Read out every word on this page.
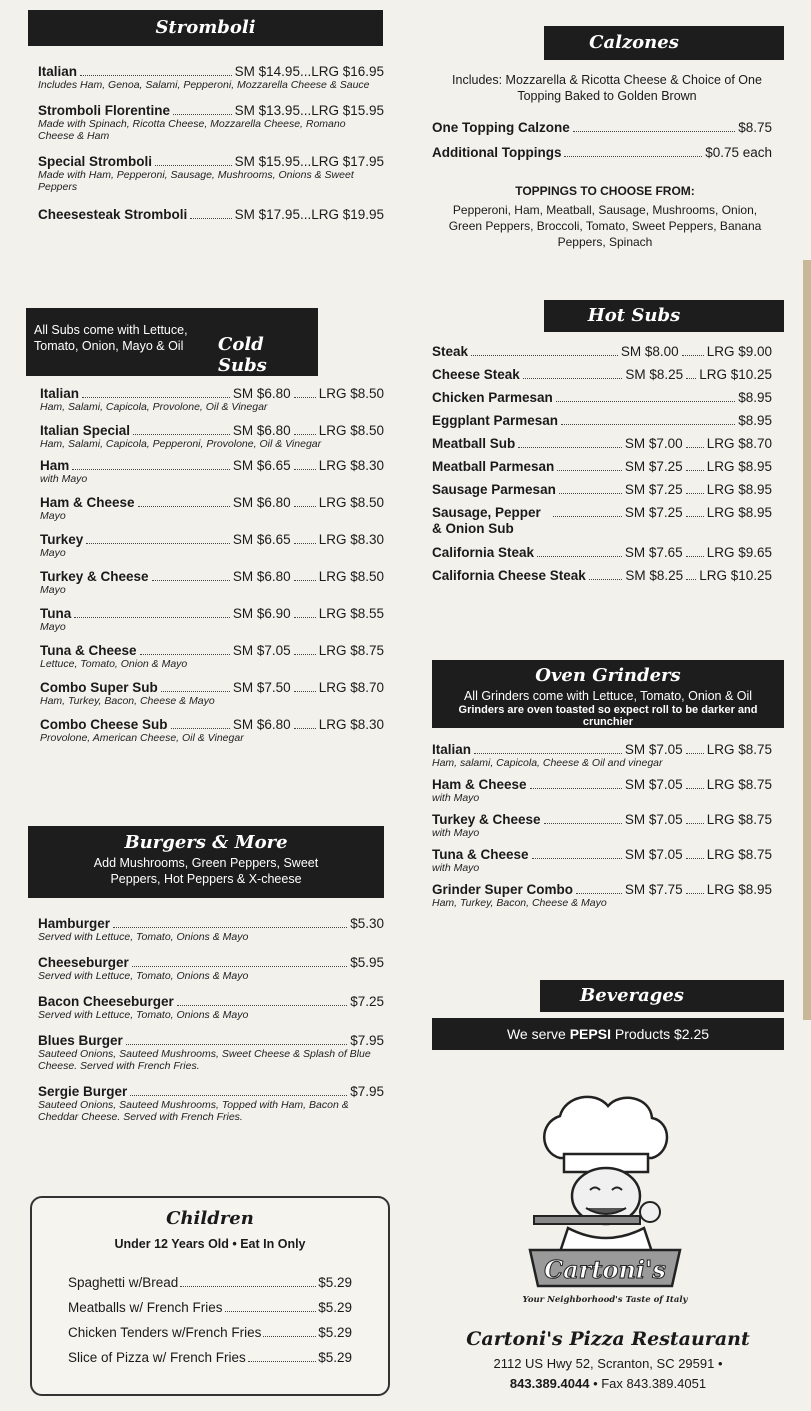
Stromboli
Italian	SM $14.95...LRG $16.95
Includes Ham, Genoa, Salami, Pepperoni, Mozzarella Cheese & Sauce
Stromboli Florentine	SM $13.95...LRG $15.95
Made with Spinach, Ricotta Cheese, Mozzarella Cheese, Romano Cheese & Ham
Special Stromboli	SM $15.95...LRG $17.95
Made with Ham, Pepperoni, Sausage, Mushrooms, Onions & Sweet Peppers
Cheesesteak Stromboli	SM $17.95...LRG $19.95
All Subs come with Lettuce, Tomato, Onion, Mayo & Oil	Cold Subs
Italian	SM $6.80 LRG $8.50
Ham, Salami, Capicola, Provolone, Oil & Vinegar
Italian Special	SM $6.80 LRG $8.50
Ham, Salami, Capicola, Pepperoni, Provolone, Oil & Vinegar
Ham	SM $6.65 LRG $8.30
with Mayo
Ham & Cheese	SM $6.80 LRG $8.50
Mayo
Turkey	SM $6.65 LRG $8.30
Mayo
Turkey & Cheese	SM $6.80 LRG $8.50
Mayo
Tuna	SM $6.90 LRG $8.55
Mayo
Tuna & Cheese	SM $7.05 LRG $8.75
Lettuce, Tomato, Onion & Mayo
Combo Super Sub	SM $7.50 LRG $8.70
Ham, Turkey, Bacon, Cheese & Mayo
Combo Cheese Sub	SM $6.80 LRG $8.30
Provolone, American Cheese, Oil & Vinegar
Burgers & More
Add Mushrooms, Green Peppers, Sweet Peppers, Hot Peppers & X-cheese
Hamburger	$5.30
Served with Lettuce, Tomato, Onions & Mayo
Cheeseburger	$5.95
Served with Lettuce, Tomato, Onions & Mayo
Bacon Cheeseburger	$7.25
Served with Lettuce, Tomato, Onions & Mayo
Blues Burger	$7.95
Sauteed Onions, Sauteed Mushrooms, Sweet Cheese & Splash of Blue Cheese. Served with French Fries.
Sergie Burger	$7.95
Sauteed Onions, Sauteed Mushrooms, Topped with Ham, Bacon & Cheddar Cheese. Served with French Fries.
Children
Under 12 Years Old • Eat In Only
Spaghetti w/Bread	$5.29
Meatballs w/ French Fries	$5.29
Chicken Tenders w/French Fries	$5.29
Slice of Pizza w/ French Fries	$5.29
Calzones
Includes: Mozzarella & Ricotta Cheese & Choice of One Topping Baked to Golden Brown
One Topping Calzone	$8.75
Additional Toppings	$0.75 each
TOPPINGS TO CHOOSE FROM:
Pepperoni, Ham, Meatball, Sausage, Mushrooms, Onion, Green Peppers, Broccoli, Tomato, Sweet Peppers, Banana Peppers, Spinach
Hot Subs
Steak	SM $8.00 LRG $9.00
Cheese Steak	SM $8.25 LRG $10.25
Chicken Parmesan	$8.95
Eggplant Parmesan	$8.95
Meatball Sub	SM $7.00 LRG $8.70
Meatball Parmesan	SM $7.25 LRG $8.95
Sausage Parmesan	SM $7.25 LRG $8.95
Sausage, Pepper & Onion Sub
SM $7.25 LRG $8.95
California Steak	SM $7.65 LRG $9.65
California Cheese Steak	SM $8.25 LRG $10.25
Oven Grinders
All Grinders come with Lettuce, Tomato, Onion & Oil
Grinders are oven toasted so expect roll to be darker and crunchier
Italian	SM $7.05 LRG $8.75
Ham, salami, Capicola, Cheese & Oil and vinegar
Ham & Cheese	SM $7.05 LRG $8.75
with Mayo
Turkey & Cheese	SM $7.05 LRG $8.75
with Mayo
Tuna & Cheese	SM $7.05 LRG $8.75
with Mayo
Grinder Super Combo	SM $7.75 LRG $8.95
Ham, Turkey, Bacon, Cheese & Mayo
Beverages
We serve PEPSI Products $2.25
Cartoni's
Your Neighborhood's Taste of Italy
Cartoni's Pizza Restaurant
2112 US Hwy 52, Scranton, SC 29591 •
843.389.4044 • Fax 843.389.4051
